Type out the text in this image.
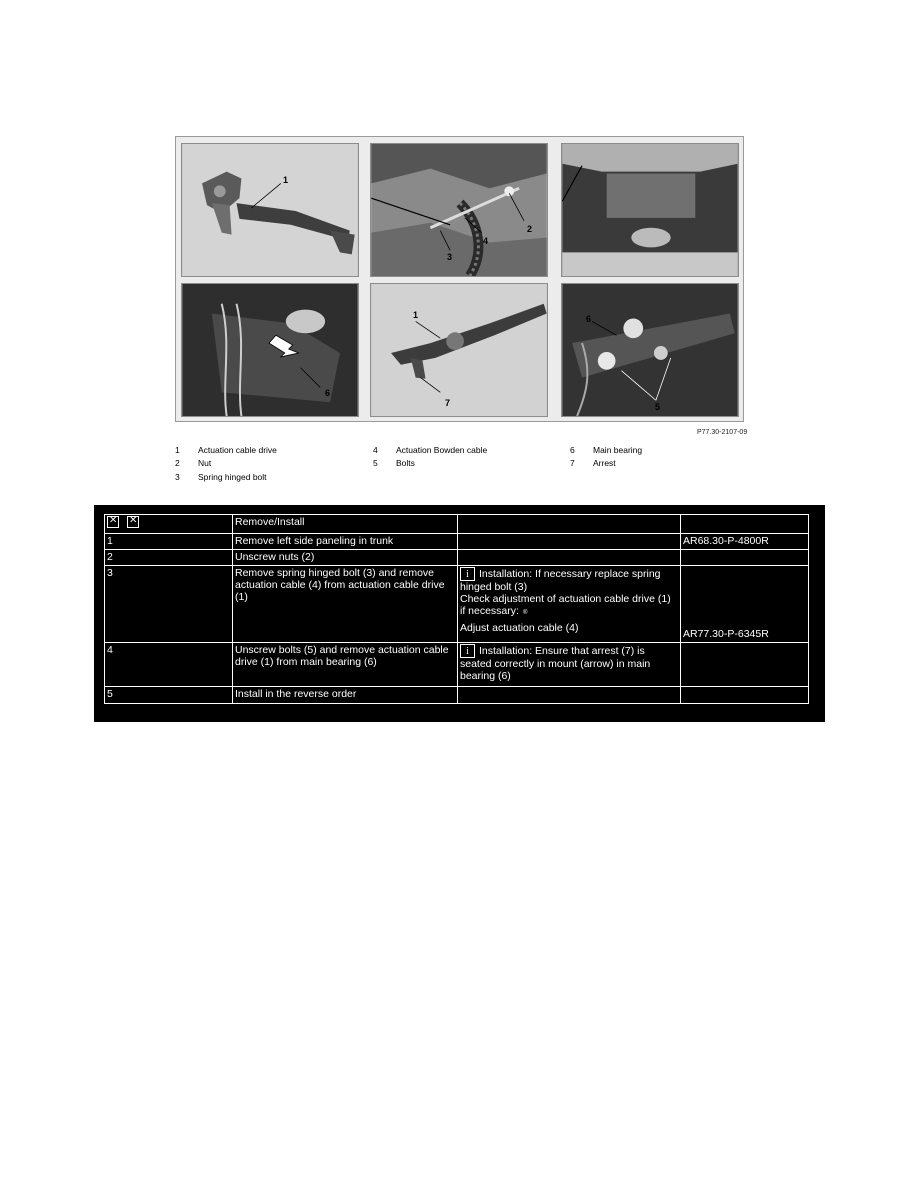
1
2
4
3
6
1
7
6
5
P77.30-2107-09
1 Actuation cable drive
2 Nut
3 Spring hinged bolt
4 Actuation Bowden cable
5 Bolts
6 Main bearing
7 Arrest
✕✕	Remove/Install		
1	Remove left side paneling in trunk		AR68.30-P-4800R
2	Unscrew nuts (2)		
3	Remove spring hinged bolt (3) and remove actuation cable (4) from actuation cable drive (1)	i Installation: If necessary replace spring hinged bolt (3)
Check adjustment of actuation cable drive (1) if necessary: ®
Adjust actuation cable (4)	AR77.30-P-6345R
4	Unscrew bolts (5) and remove actuation cable drive (1) from main bearing (6)	i Installation: Ensure that arrest (7) is seated correctly in mount (arrow) in main bearing (6)	
5	Install in the reverse order		
